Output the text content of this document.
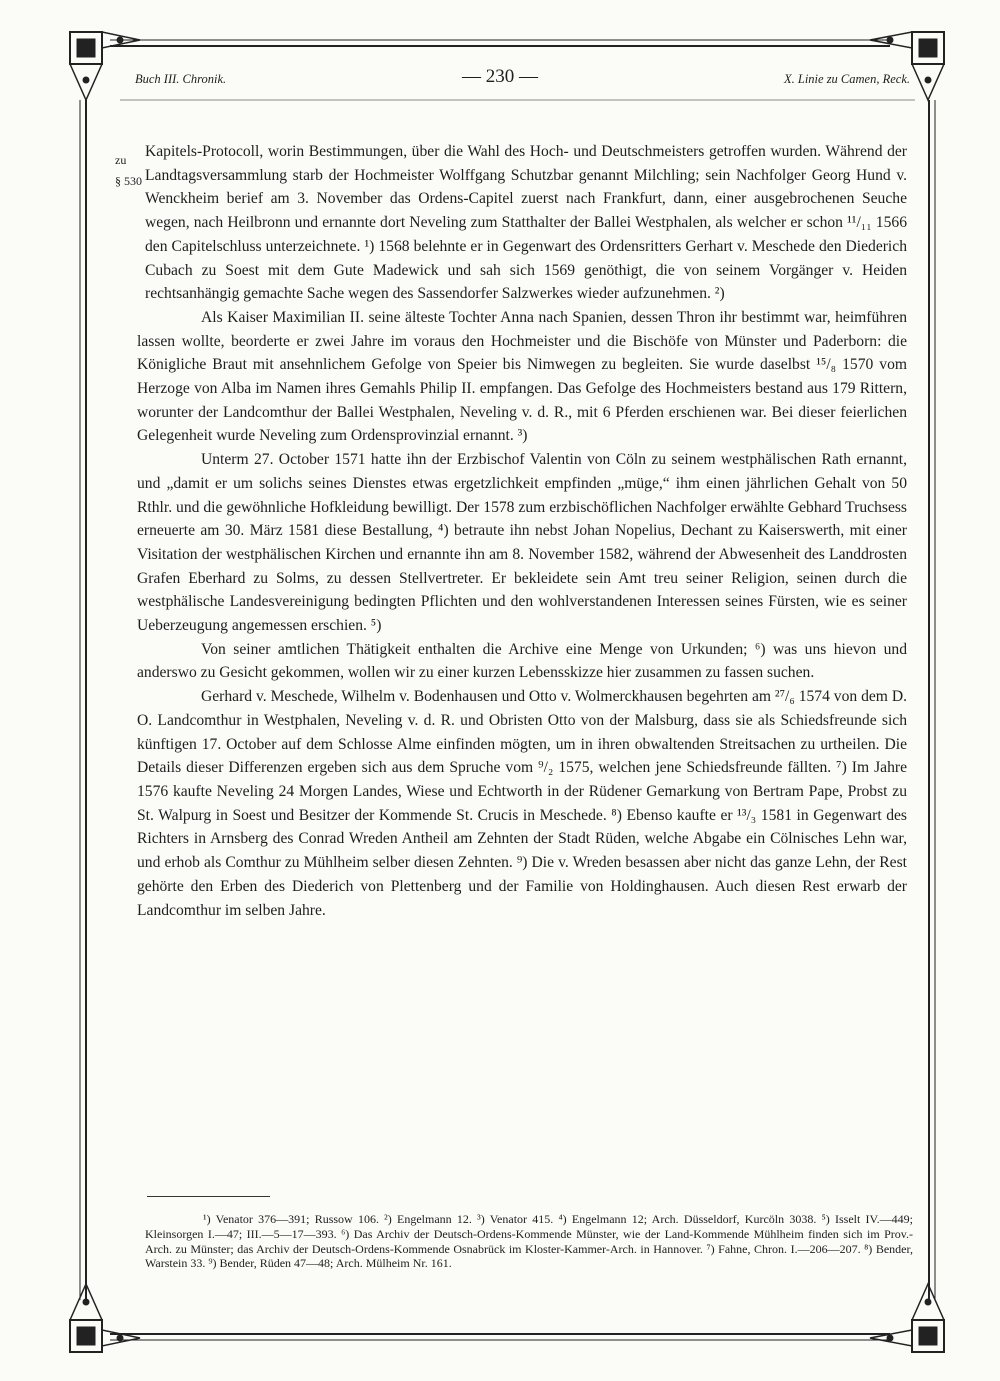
Buch III. Chronik.	— 230 —	X. Linie zu Camen, Reck.
zu
§ 530

Kapitels-Protocoll, worin Bestimmungen, über die Wahl des Hoch- und Deutschmeisters getroffen wurden. Während der Landtagsversammlung starb der Hochmeister Wolffgang Schutzbar genannt Milchling; sein Nachfolger Georg Hund v. Wenckheim berief am 3. November das Ordens-Capitel zuerst nach Frankfurt, dann, einer ausgebrochenen Seuche wegen, nach Heilbronn und ernannte dort Neveling zum Statthalter der Ballei Westphalen, als welcher er schon ¹¹/₁₁ 1566 den Capitelschluss unterzeichnete. ¹) 1568 belehnte er in Gegenwart des Ordensritters Gerhart v. Meschede den Diederich Cubach zu Soest mit dem Gute Madewick und sah sich 1569 genöthigt, die von seinem Vorgänger v. Heiden rechtsanhängig gemachte Sache wegen des Sassendorfer Salzwerkes wieder aufzunehmen. ²)

Als Kaiser Maximilian II. seine älteste Tochter Anna nach Spanien, dessen Thron ihr bestimmt war, heimführen lassen wollte, beorderte er zwei Jahre im voraus den Hochmeister und die Bischöfe von Münster und Paderborn: die Königliche Braut mit ansehnlichem Gefolge von Speier bis Nimwegen zu begleiten. Sie wurde daselbst ¹⁵/₈ 1570 vom Herzoge von Alba im Namen ihres Gemahls Philip II. empfangen. Das Gefolge des Hochmeisters bestand aus 179 Rittern, worunter der Landcomthur der Ballei Westphalen, Neveling v. d. R., mit 6 Pferden erschienen war. Bei dieser feierlichen Gelegenheit wurde Neveling zum Ordensprovinzial ernannt. ³)

Unterm 27. October 1571 hatte ihn der Erzbischof Valentin von Cöln zu seinem westphälischen Rath ernannt, und „damit er um solichs seines Dienstes etwas ergetzlichkeit empfinden „müge,“ ihm einen jährlichen Gehalt von 50 Rthlr. und die gewöhnliche Hofkleidung bewilligt. Der 1578 zum erzbischöflichen Nachfolger erwählte Gebhard Truchsess erneuerte am 30. März 1581 diese Bestallung, ⁴) betraute ihn nebst Johan Nopelius, Dechant zu Kaiserswerth, mit einer Visitation der westphälischen Kirchen und ernannte ihn am 8. November 1582, während der Abwesenheit des Landdrosten Grafen Eberhard zu Solms, zu dessen Stellvertreter. Er bekleidete sein Amt treu seiner Religion, seinen durch die westphälische Landesvereinigung bedingten Pflichten und den wohlverstandenen Interessen seines Fürsten, wie es seiner Ueberzeugung angemessen erschien. ⁵)

Von seiner amtlichen Thätigkeit enthalten die Archive eine Menge von Urkunden; ⁶) was uns hievon und anderswo zu Gesicht gekommen, wollen wir zu einer kurzen Lebensskizze hier zusammen zu fassen suchen.

Gerhard v. Meschede, Wilhelm v. Bodenhausen und Otto v. Wolmerckhausen begehrten am ²⁷/₆ 1574 von dem D. O. Landcomthur in Westphalen, Neveling v. d. R. und Obristen Otto von der Malsburg, dass sie als Schiedsfreunde sich künftigen 17. October auf dem Schlosse Alme einfinden mögten, um in ihren obwaltenden Streitsachen zu urtheilen. Die Details dieser Differenzen ergeben sich aus dem Spruche vom ⁹/₂ 1575, welchen jene Schiedsfreunde fällten. ⁷) Im Jahre 1576 kaufte Neveling 24 Morgen Landes, Wiese und Echtworth in der Rüdener Gemarkung von Bertram Pape, Probst zu St. Walpurg in Soest und Besitzer der Kommende St. Crucis in Meschede. ⁸) Ebenso kaufte er ¹³/₃ 1581 in Gegenwart des Richters in Arnsberg des Conrad Wreden Antheil am Zehnten der Stadt Rüden, welche Abgabe ein Cölnisches Lehn war, und erhob als Comthur zu Mühlheim selber diesen Zehnten. ⁹) Die v. Wreden besassen aber nicht das ganze Lehn, der Rest gehörte den Erben des Diederich von Plettenberg und der Familie von Holdinghausen. Auch diesen Rest erwarb der Landcomthur im selben Jahre.

¹) Venator 376—391; Russow 106. ²) Engelmann 12. ³) Venator 415. ⁴) Engelmann 12; Arch. Düsseldorf, Kurcöln 3038. ⁵) Isselt IV.—449; Kleinsorgen I.—47; III.—5—17—393. ⁶) Das Archiv der Deutsch-Ordens-Kommende Münster, wie der Land-Kommende Mühlheim finden sich im Prov.-Arch. zu Münster; das Archiv der Deutsch-Ordens-Kommende Osnabrück im Kloster-Kammer-Arch. in Hannover. ⁷) Fahne, Chron. I.—206—207. ⁸) Bender, Warstein 33. ⁹) Bender, Rüden 47—48; Arch. Mülheim Nr. 161.
